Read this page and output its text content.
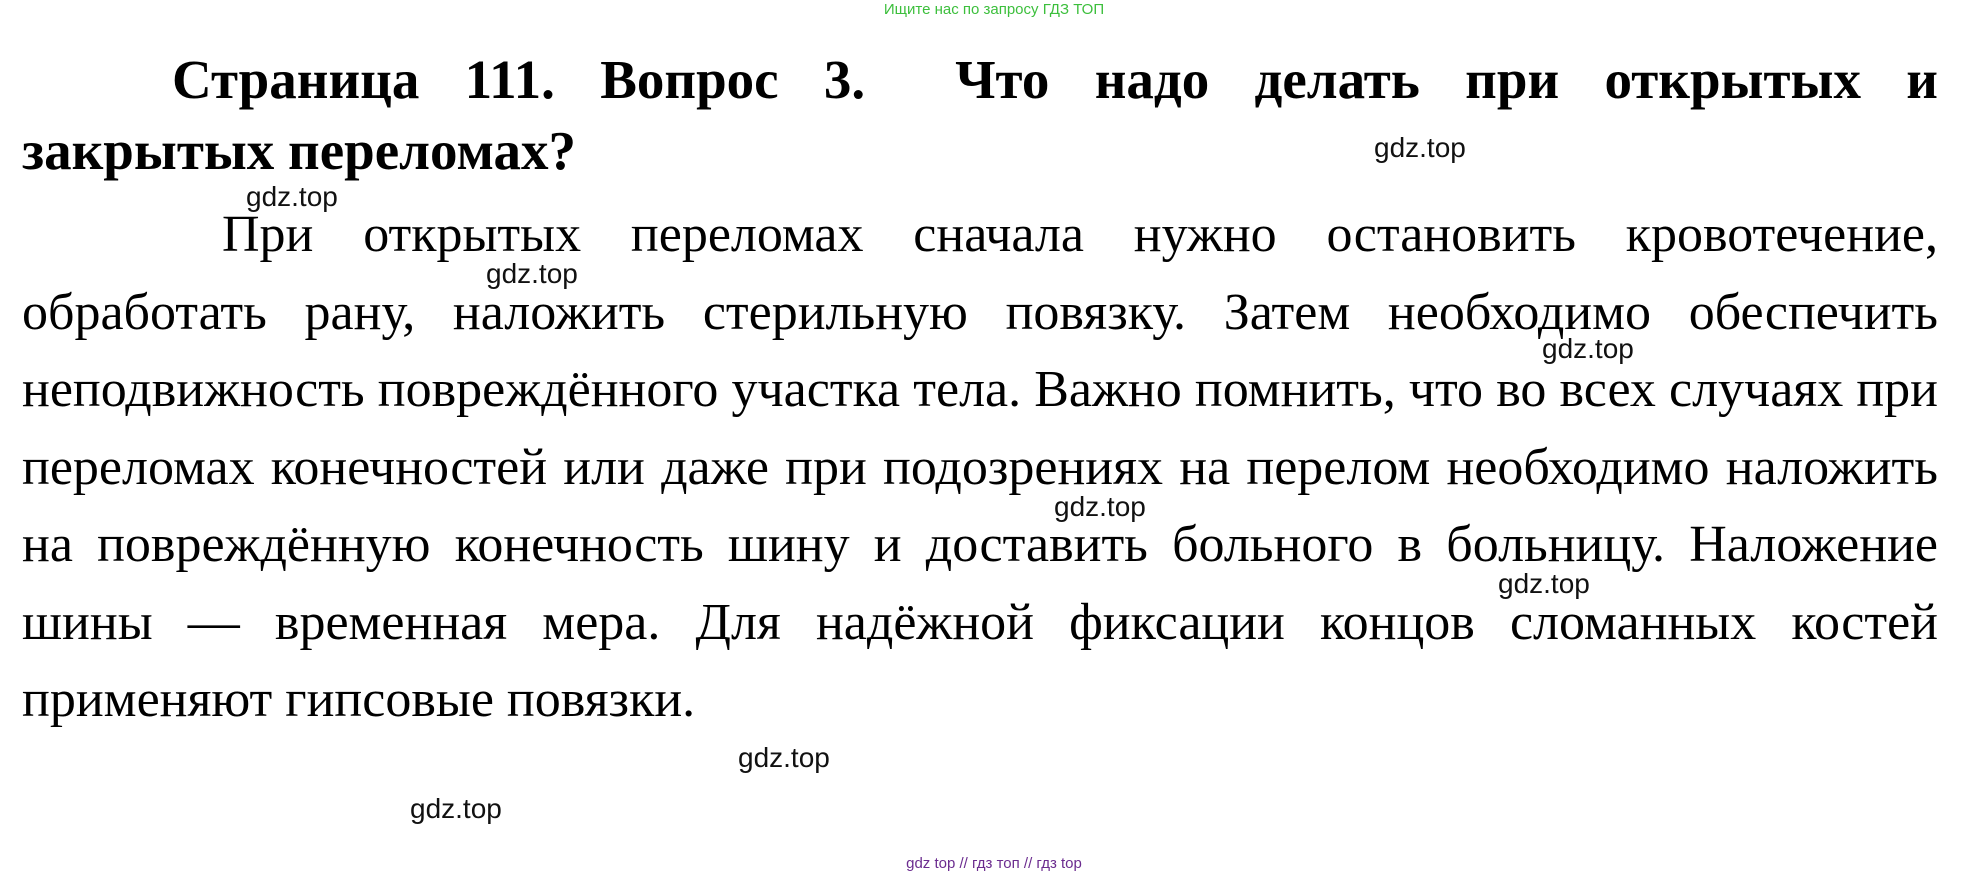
Ищите нас по запросу ГДЗ ТОП

Страница 111. Вопрос 3. Что надо делать при открытых и закрытых переломах?

При открытых переломах сначала нужно остановить кровотечение, обработать рану, наложить стерильную повязку. Затем необходимо обеспечить неподвижность повреждённого участка тела. Важно помнить, что во всех случаях при переломах конечностей или даже при подозрениях на перелом необходимо наложить на повреждённую конечность шину и доставить больного в больницу. Наложение шины — временная мера. Для надёжной фиксации концов сломанных костей применяют гипсовые повязки.

gdz.top
gdz.top
gdz.top
gdz.top
gdz.top
gdz.top
gdz.top
gdz.top
gdz top // гдз топ // гдз top
